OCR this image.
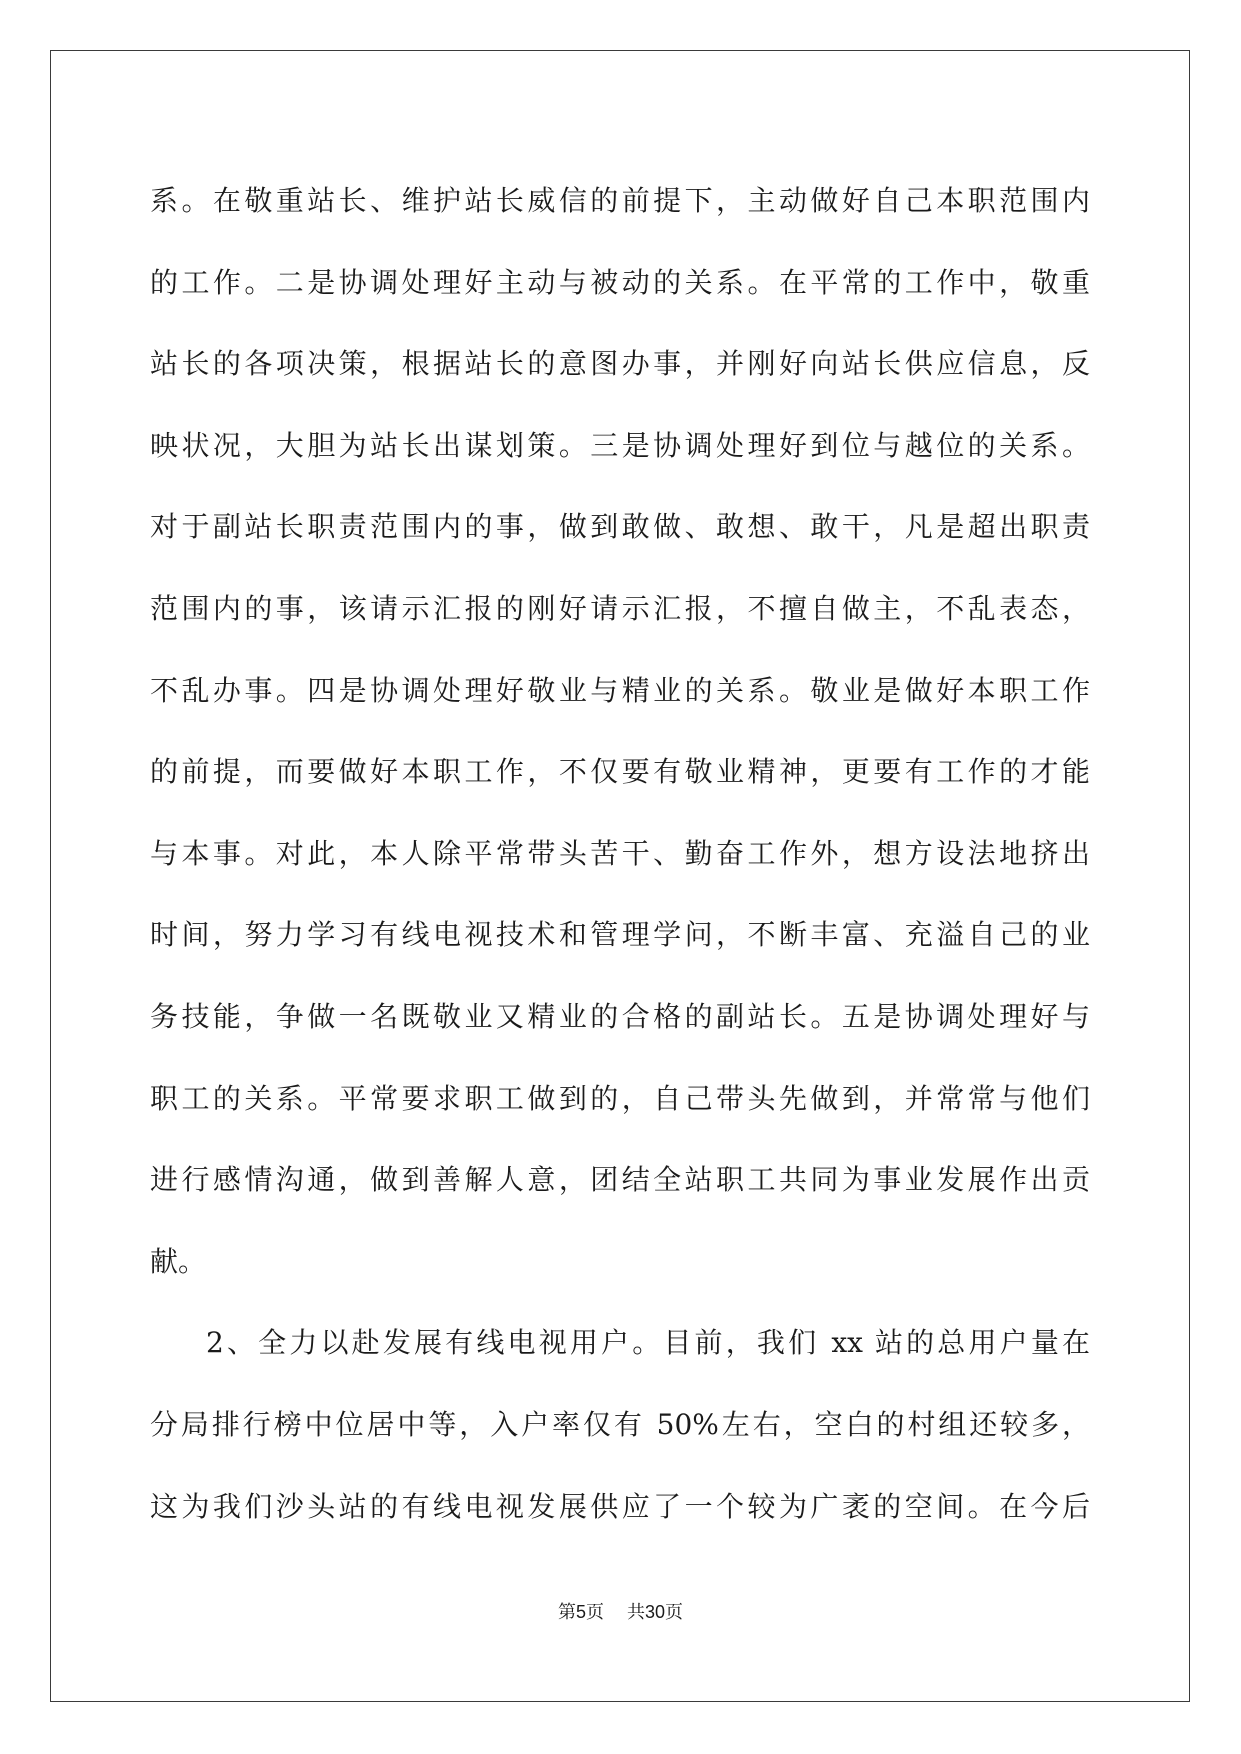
系。在敬重站长、维护站长威信的前提下，主动做好自己本职范围内
的工作。二是协调处理好主动与被动的关系。在平常的工作中，敬重
站长的各项决策，根据站长的意图办事，并刚好向站长供应信息，反
映状况，大胆为站长出谋划策。三是协调处理好到位与越位的关系。
对于副站长职责范围内的事，做到敢做、敢想、敢干，凡是超出职责
范围内的事，该请示汇报的刚好请示汇报，不擅自做主，不乱表态，
不乱办事。四是协调处理好敬业与精业的关系。敬业是做好本职工作
的前提，而要做好本职工作，不仅要有敬业精神，更要有工作的才能
与本事。对此，本人除平常带头苦干、勤奋工作外，想方设法地挤出
时间，努力学习有线电视技术和管理学问，不断丰富、充溢自己的业
务技能，争做一名既敬业又精业的合格的副站长。五是协调处理好与
职工的关系。平常要求职工做到的，自己带头先做到，并常常与他们
进行感情沟通，做到善解人意，团结全站职工共同为事业发展作出贡
献。
2、全力以赴发展有线电视用户。目前，我们 xx 站的总用户量在
分局排行榜中位居中等，入户率仅有 50%左右，空白的村组还较多，
这为我们沙头站的有线电视发展供应了一个较为广袤的空间。在今后
第5页 共30页
